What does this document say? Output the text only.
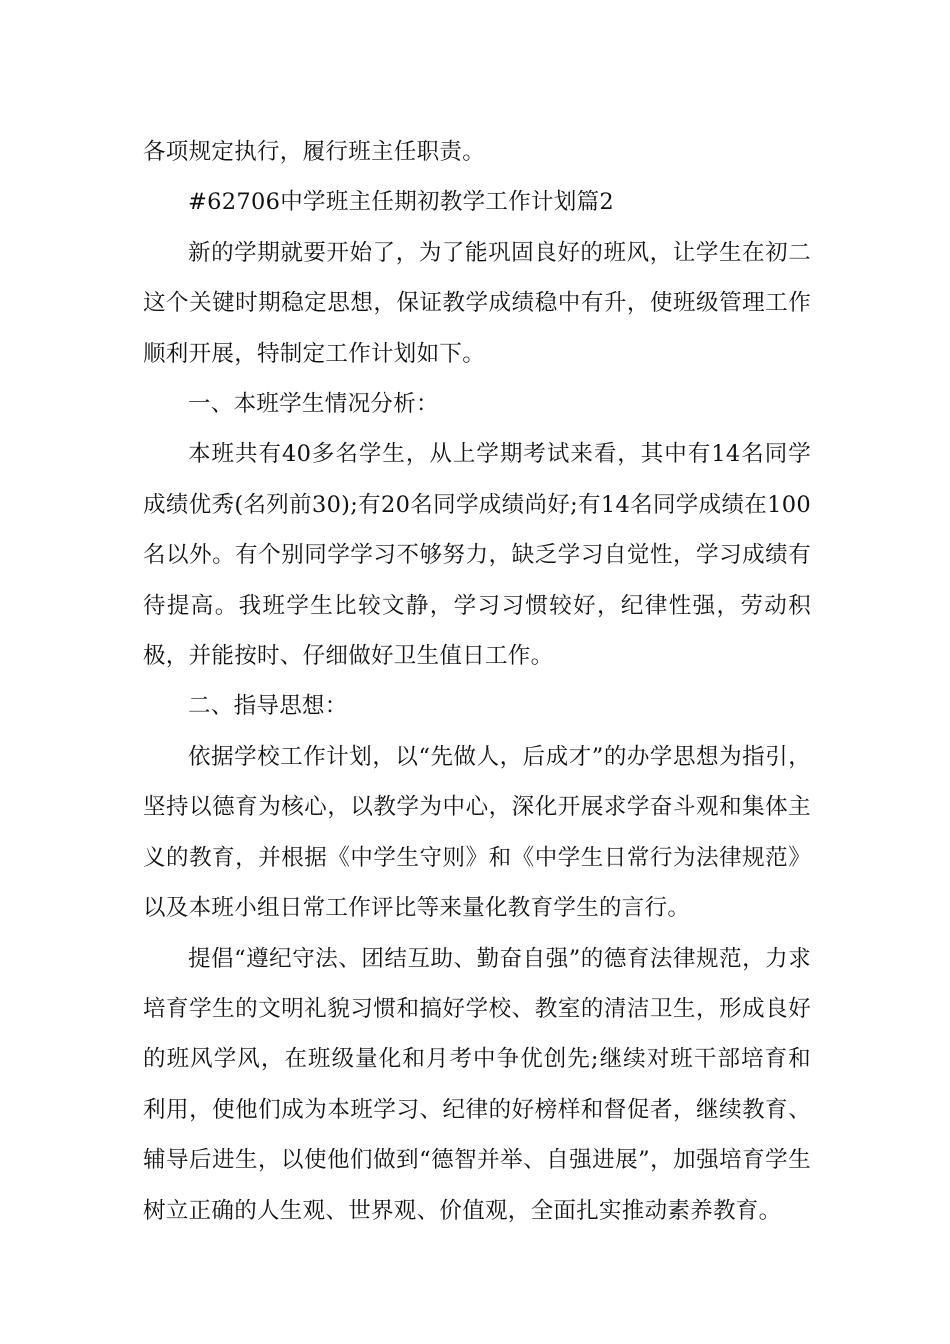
各项规定执行，履行班主任职责。

#62706中学班主任期初教学工作计划篇2

新的学期就要开始了，为了能巩固良好的班风，让学生在初二这个关键时期稳定思想，保证教学成绩稳中有升，使班级管理工作顺利开展，特制定工作计划如下。

一、本班学生情况分析：

本班共有40多名学生，从上学期考试来看，其中有14名同学成绩优秀(名列前30);有20名同学成绩尚好;有14名同学成绩在100名以外。有个别同学学习不够努力，缺乏学习自觉性，学习成绩有待提高。我班学生比较文静，学习习惯较好，纪律性强，劳动积极，并能按时、仔细做好卫生值日工作。

二、指导思想：

依据学校工作计划，以“先做人，后成才”的办学思想为指引，坚持以德育为核心，以教学为中心，深化开展求学奋斗观和集体主义的教育，并根据《中学生守则》和《中学生日常行为法律规范》以及本班小组日常工作评比等来量化教育学生的言行。

提倡“遵纪守法、团结互助、勤奋自强”的德育法律规范，力求培育学生的文明礼貌习惯和搞好学校、教室的清洁卫生，形成良好的班风学风，在班级量化和月考中争优创先;继续对班干部培育和利用，使他们成为本班学习、纪律的好榜样和督促者，继续教育、辅导后进生，以使他们做到“德智并举、自强进展”，加强培育学生树立正确的人生观、世界观、价值观，全面扎实推动素养教育。
